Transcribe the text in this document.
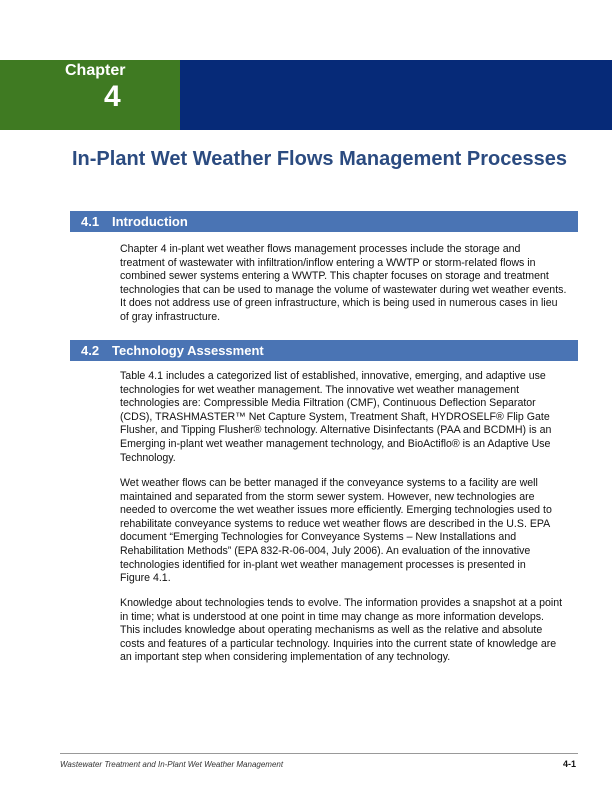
Chapter
4
In-Plant Wet Weather Flows Management Processes
4.1 Introduction
Chapter 4 in-plant wet weather flows management processes include the storage and
treatment of wastewater with infiltration/inflow entering a WWTP or storm-related flows in
combined sewer systems entering a WWTP. This chapter focuses on storage and treatment
technologies that can be used to manage the volume of wastewater during wet weather events.
It does not address use of green infrastructure, which is being used in numerous cases in lieu
of gray infrastructure.
4.2 Technology Assessment
Table 4.1 includes a categorized list of established, innovative, emerging, and adaptive use
technologies for wet weather management. The innovative wet weather management
technologies are: Compressible Media Filtration (CMF), Continuous Deflection Separator
(CDS), TRASHMASTER™ Net Capture System, Treatment Shaft, HYDROSELF® Flip Gate
Flusher, and Tipping Flusher® technology. Alternative Disinfectants (PAA and BCDMH) is an
Emerging in-plant wet weather management technology, and BioActiflo® is an Adaptive Use
Technology.
Wet weather flows can be better managed if the conveyance systems to a facility are well
maintained and separated from the storm sewer system. However, new technologies are
needed to overcome the wet weather issues more efficiently. Emerging technologies used to
rehabilitate conveyance systems to reduce wet weather flows are described in the U.S. EPA
document “Emerging Technologies for Conveyance Systems – New Installations and
Rehabilitation Methods” (EPA 832-R-06-004, July 2006). An evaluation of the innovative
technologies identified for in-plant wet weather management processes is presented in
Figure 4.1.
Knowledge about technologies tends to evolve. The information provides a snapshot at a point
in time; what is understood at one point in time may change as more information develops.
This includes knowledge about operating mechanisms as well as the relative and absolute
costs and features of a particular technology. Inquiries into the current state of knowledge are
an important step when considering implementation of any technology.
Wastewater Treatment and In-Plant Wet Weather Management	4-1
